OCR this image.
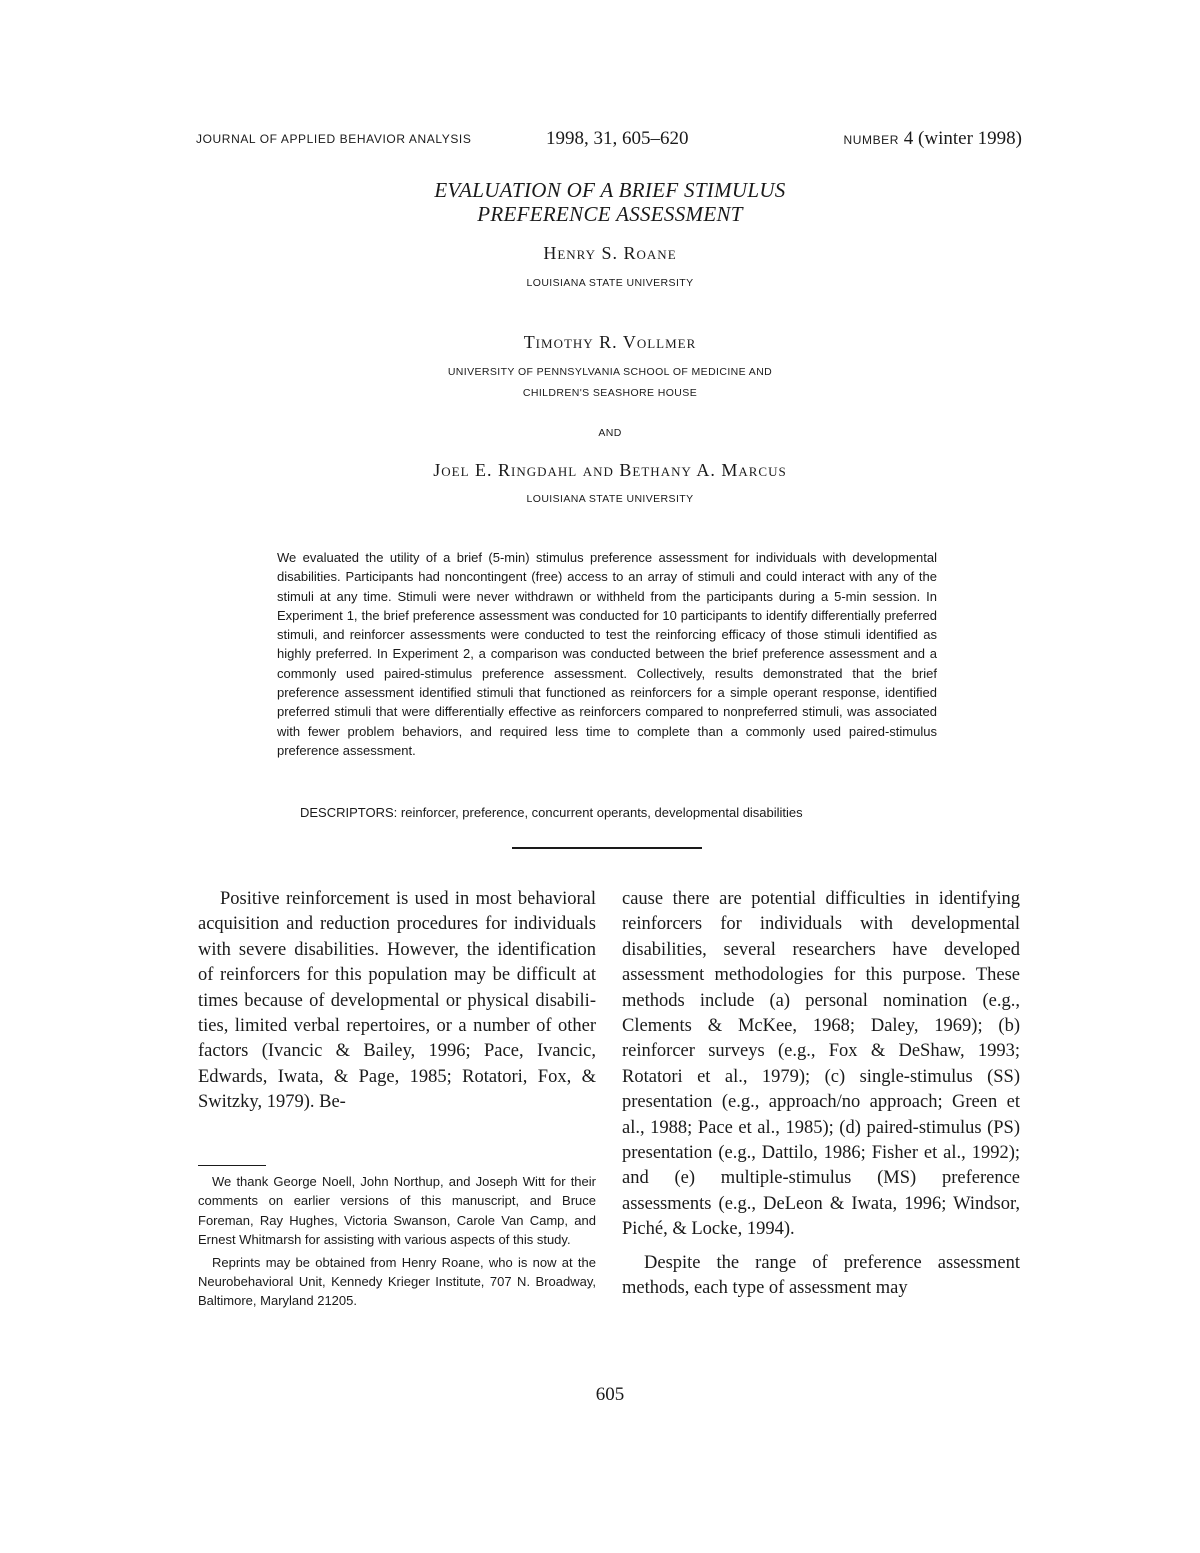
JOURNAL OF APPLIED BEHAVIOR ANALYSIS	1998, 31, 605–620	NUMBER 4 (winter 1998)
EVALUATION OF A BRIEF STIMULUS
PREFERENCE ASSESSMENT
Henry S. Roane
LOUISIANA STATE UNIVERSITY
Timothy R. Vollmer
UNIVERSITY OF PENNSYLVANIA SCHOOL OF MEDICINE AND
CHILDREN'S SEASHORE HOUSE
AND
Joel E. Ringdahl and Bethany A. Marcus
LOUISIANA STATE UNIVERSITY

We evaluated the utility of a brief (5-min) stimulus preference assessment for individuals with developmental disabilities. Participants had noncontingent (free) access to an array of stimuli and could interact with any of the stimuli at any time. Stimuli were never withdrawn or withheld from the participants during a 5-min session. In Experiment 1, the brief preference assessment was conducted for 10 participants to identify differentially preferred stimuli, and reinforcer assessments were conducted to test the reinforcing efficacy of those stimuli identified as highly preferred. In Experiment 2, a comparison was conducted between the brief preference assessment and a commonly used paired-stimulus preference assessment. Collectively, results demonstrated that the brief preference assessment identified stimuli that functioned as reinforcers for a simple operant response, identified preferred stimuli that were differentially effective as reinforcers compared to nonpreferred stimuli, was associated with fewer problem behaviors, and required less time to complete than a commonly used paired-stimulus preference assessment.

DESCRIPTORS: reinforcer, preference, concurrent operants, developmental disabilities

Positive reinforcement is used in most behavioral acquisition and reduction procedures for individuals with severe disabilities. However, the identification of reinforcers for this population may be difficult at times because of developmental or physical disabilities, limited verbal repertoires, or a number of other factors (Ivancic & Bailey, 1996; Pace, Ivancic, Edwards, Iwata, & Page, 1985; Rotatori, Fox, & Switzky, 1979). Be-

We thank George Noell, John Northup, and Joseph Witt for their comments on earlier versions of this manuscript, and Bruce Foreman, Ray Hughes, Victoria Swanson, Carole Van Camp, and Ernest Whitmarsh for assisting with various aspects of this study.

Reprints may be obtained from Henry Roane, who is now at the Neurobehavioral Unit, Kennedy Krieger Institute, 707 N. Broadway, Baltimore, Maryland 21205.

cause there are potential difficulties in identifying reinforcers for individuals with developmental disabilities, several researchers have developed assessment methodologies for this purpose. These methods include (a) personal nomination (e.g., Clements & McKee, 1968; Daley, 1969); (b) reinforcer surveys (e.g., Fox & DeShaw, 1993; Rotatori et al., 1979); (c) single-stimulus (SS) presentation (e.g., approach/no approach; Green et al., 1988; Pace et al., 1985); (d) paired-stimulus (PS) presentation (e.g., Dattilo, 1986; Fisher et al., 1992); and (e) multiple-stimulus (MS) preference assessments (e.g., DeLeon & Iwata, 1996; Windsor, Piché, & Locke, 1994).

Despite the range of preference assessment methods, each type of assessment may

605
